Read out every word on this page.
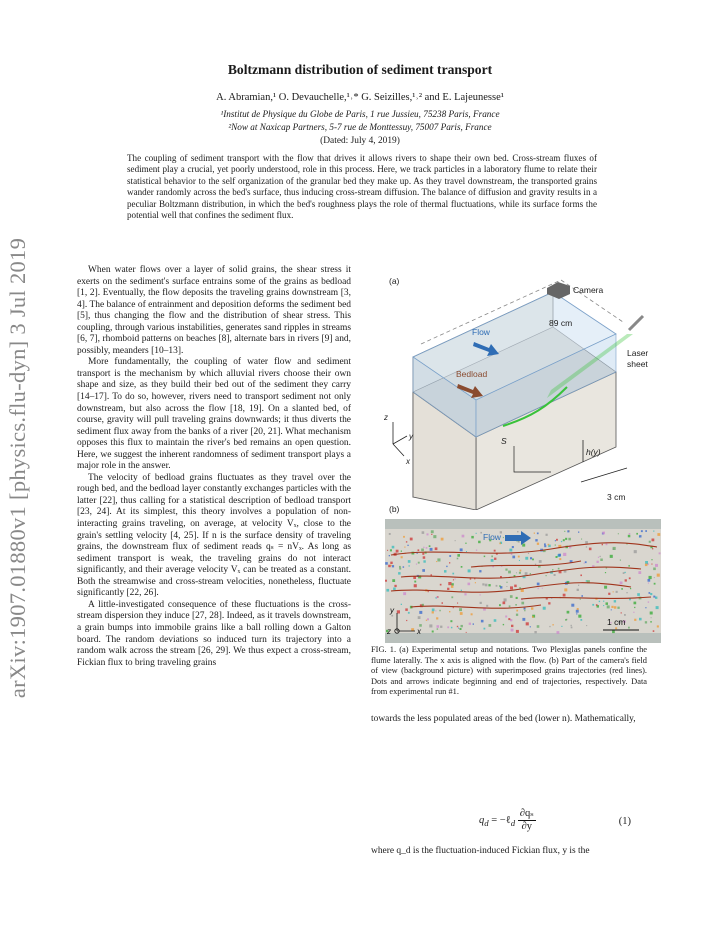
arXiv:1907.01880v1 [physics.flu-dyn] 3 Jul 2019
Boltzmann distribution of sediment transport
A. Abramian,¹ O. Devauchelle,¹˒* G. Seizilles,¹˒² and E. Lajeunesse¹
¹Institut de Physique du Globe de Paris, 1 rue Jussieu, 75238 Paris, France
²Now at Naxicap Partners, 5-7 rue de Monttessuy, 75007 Paris, France
(Dated: July 4, 2019)
The coupling of sediment transport with the flow that drives it allows rivers to shape their own bed. Cross-stream fluxes of sediment play a crucial, yet poorly understood, role in this process. Here, we track particles in a laboratory flume to relate their statistical behavior to the self organization of the granular bed they make up. As they travel downstream, the transported grains wander randomly across the bed's surface, thus inducing cross-stream diffusion. The balance of diffusion and gravity results in a peculiar Boltzmann distribution, in which the bed's roughness plays the role of thermal fluctuations, while its surface forms the potential well that confines the sediment flux.

When water flows over a layer of solid grains, the shear stress it exerts on the sediment's surface entrains some of the grains as bedload [1, 2]. Eventually, the flow deposits the traveling grains downstream [3, 4]. The balance of entrainment and deposition deforms the sediment bed [5], thus changing the flow and the distribution of shear stress. This coupling, through various instabilities, generates sand ripples in streams [6, 7], rhomboid patterns on beaches [8], alternate bars in rivers [9] and, possibly, meanders [10–13].

More fundamentally, the coupling of water flow and sediment transport is the mechanism by which alluvial rivers choose their own shape and size, as they build their bed out of the sediment they carry [14–17]. To do so, however, rivers need to transport sediment not only downstream, but also across the flow [18, 19]. On a slanted bed, of course, gravity will pull traveling grains downwards; it thus diverts the sediment flux away from the banks of a river [20, 21]. What mechanism opposes this flux to maintain the river's bed remains an open question. Here, we suggest the inherent randomness of sediment transport plays a major role in the answer.

The velocity of bedload grains fluctuates as they travel over the rough bed, and the bedload layer constantly exchanges particles with the latter [22], thus calling for a statistical description of bedload transport [23, 24]. At its simplest, this theory involves a population of non-interacting grains traveling, on average, at velocity Vₓ, close to the grain's settling velocity [4, 25]. If n is the surface density of traveling grains, the downstream flux of sediment reads qₛ = nVₓ. As long as sediment transport is weak, the traveling grains do not interact significantly, and their average velocity Vₓ can be treated as a constant. Both the streamwise and cross-stream velocities, nonetheless, fluctuate significantly [22, 26].

A little-investigated consequence of these fluctuations is the cross-stream dispersion they induce [27, 28]. Indeed, as it travels downstream, a grain bumps into immobile grains like a ball rolling down a Galton board. The random deviations so induced turn its trajectory into a random walk across the stream [26, 29]. We thus expect a cross-stream, Fickian flux to bring traveling grains

89 cm
Camera
Laser
sheet
Flow
Bedload
z
y
x
S
h(y)
3 cm
(a)
(b)
Flow
1 cm
y
z	x
FIG. 1. (a) Experimental setup and notations. Two Plexiglas panels confine the flume laterally. The x axis is aligned with the flow. (b) Part of the camera's field of view (background picture) with superimposed grains trajectories (red lines). Dots and arrows indicate beginning and end of trajectories, respectively. Data from experimental run #1.
towards the less populated areas of the bed (lower n). Mathematically,
$q_d$ = −ℓ$_d$ $\frac{\text{∂qₛ}}{\partial y}$	(1)
where q_d is the fluctuation-induced Fickian flux, y is the
